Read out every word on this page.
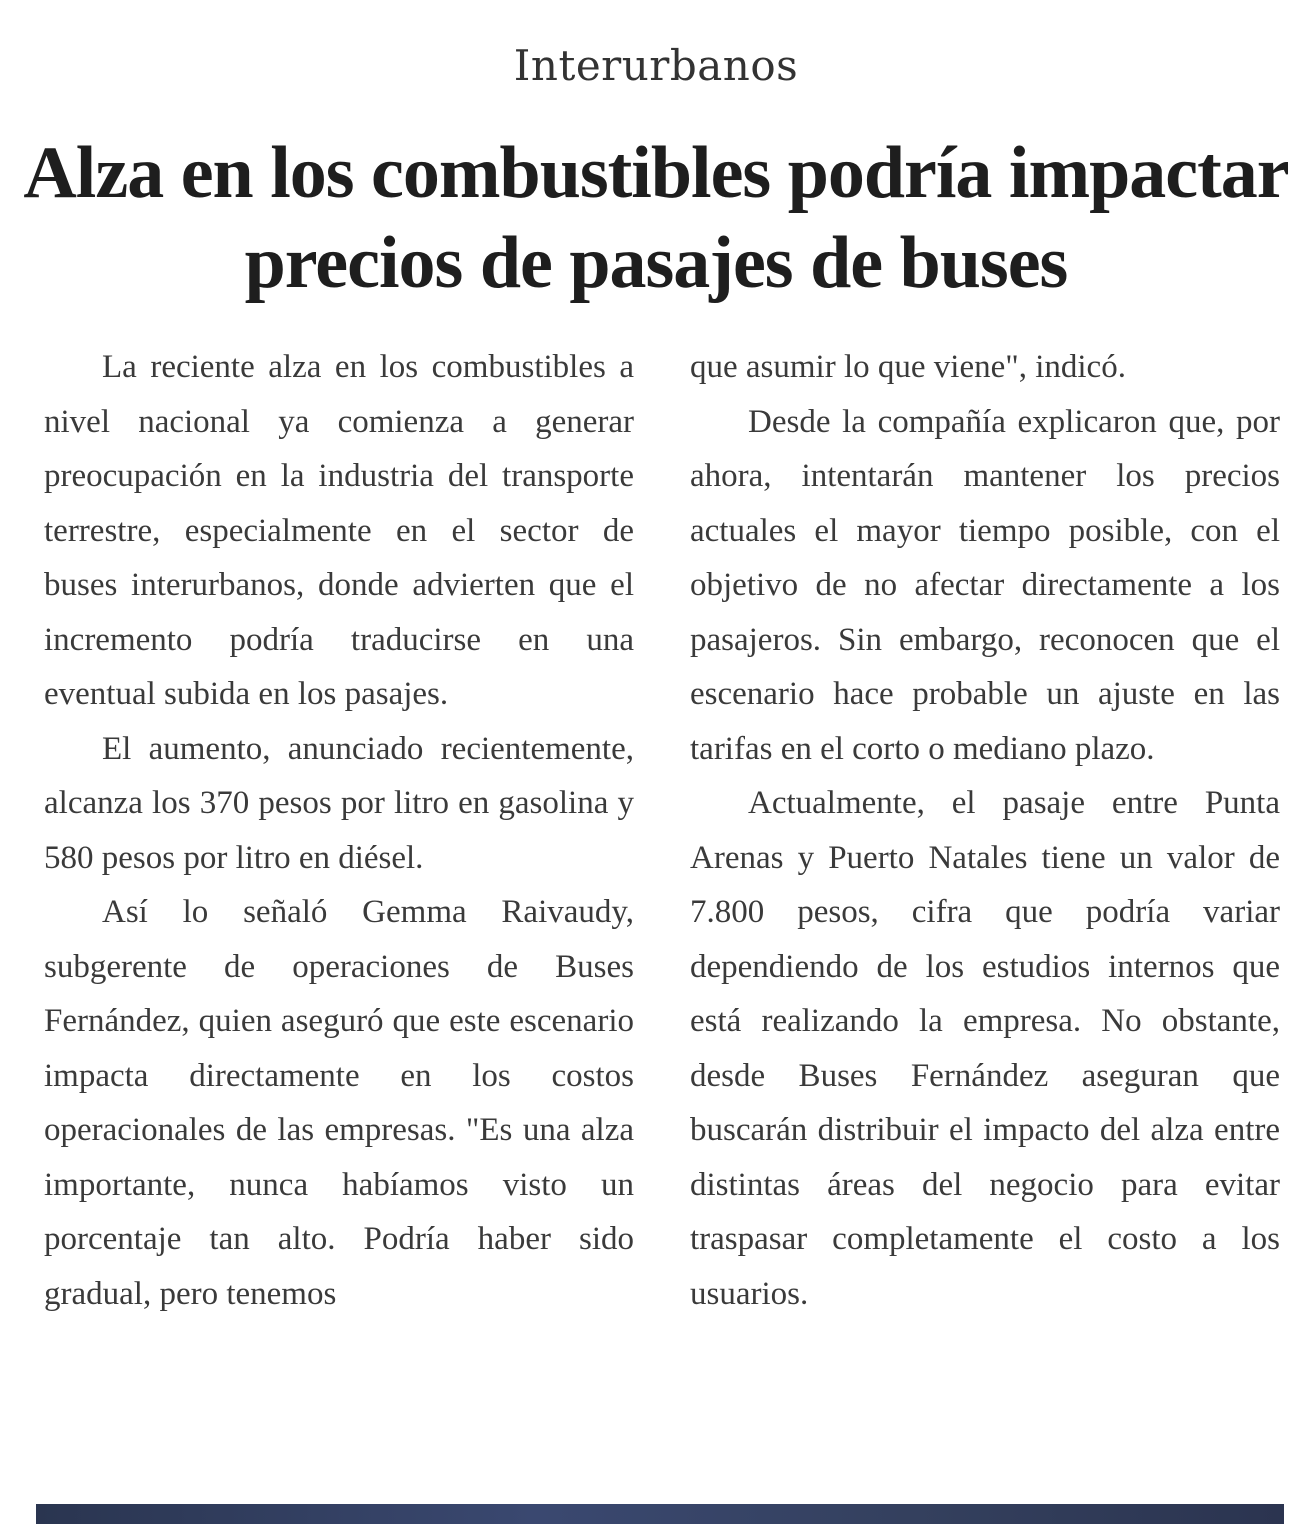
Interurbanos
Alza en los combustibles podría impactar precios de pasajes de buses

La reciente alza en los combustibles a nivel nacional ya comienza a generar preocupación en la industria del transporte terrestre, especialmente en el sector de buses interurbanos, donde advierten que el incremento podría traducirse en una eventual subida en los pasajes.

El aumento, anunciado recientemente, alcanza los 370 pesos por litro en gasolina y 580 pesos por litro en diésel.

Así lo señaló Gemma Raivaudy, subgerente de operaciones de Buses Fernández, quien aseguró que este escenario impacta directamente en los costos operacionales de las empresas. "Es una alza importante, nunca habíamos visto un porcentaje tan alto. Podría haber sido gradual, pero tenemos

que asumir lo que viene", indicó.

Desde la compañía explicaron que, por ahora, intentarán mantener los precios actuales el mayor tiempo posible, con el objetivo de no afectar directamente a los pasajeros. Sin embargo, reconocen que el escenario hace probable un ajuste en las tarifas en el corto o mediano plazo.

Actualmente, el pasaje entre Punta Arenas y Puerto Natales tiene un valor de 7.800 pesos, cifra que podría variar dependiendo de los estudios internos que está realizando la empresa. No obstante, desde Buses Fernández aseguran que buscarán distribuir el impacto del alza entre distintas áreas del negocio para evitar traspasar completamente el costo a los usuarios.
